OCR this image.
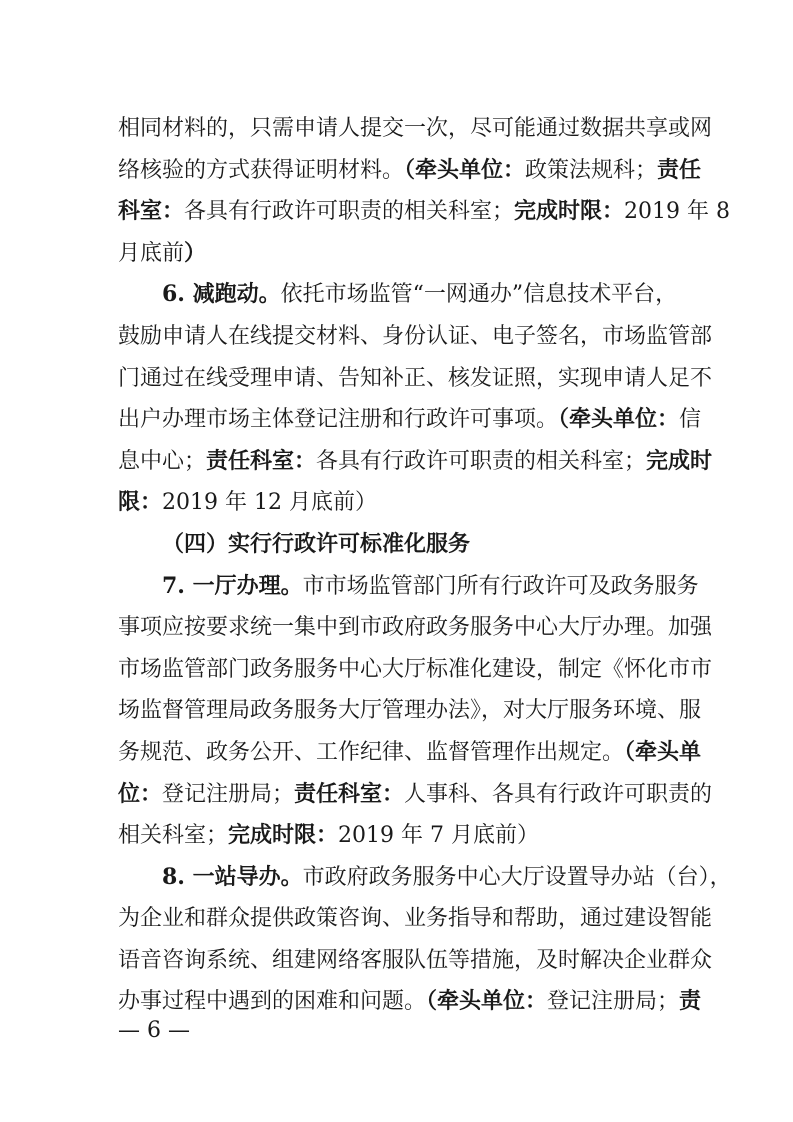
相同材料的，只需申请人提交一次，尽可能通过数据共享或网
络核验的方式获得证明材料。（牵头单位：政策法规科；责任
科室：各具有行政许可职责的相关科室；完成时限：2019 年 8
月底前）
6. 减跑动。依托市场监管“一网通办”信息技术平台，
鼓励申请人在线提交材料、身份认证、电子签名，市场监管部
门通过在线受理申请、告知补正、核发证照，实现申请人足不
出户办理市场主体登记注册和行政许可事项。（牵头单位：信
息中心；责任科室：各具有行政许可职责的相关科室；完成时
限：2019 年 12 月底前）
（四）实行行政许可标准化服务
7. 一厅办理。市市场监管部门所有行政许可及政务服务
事项应按要求统一集中到市政府政务服务中心大厅办理。加强
市场监管部门政务服务中心大厅标准化建设，制定《怀化市市
场监督管理局政务服务大厅管理办法》，对大厅服务环境、服
务规范、政务公开、工作纪律、监督管理作出规定。（牵头单
位：登记注册局；责任科室：人事科、各具有行政许可职责的
相关科室；完成时限：2019 年 7 月底前）
8. 一站导办。市政府政务服务中心大厅设置导办站（台），
为企业和群众提供政策咨询、业务指导和帮助，通过建设智能
语音咨询系统、组建网络客服队伍等措施，及时解决企业群众
办事过程中遇到的困难和问题。（牵头单位：登记注册局；责
— 6 —
